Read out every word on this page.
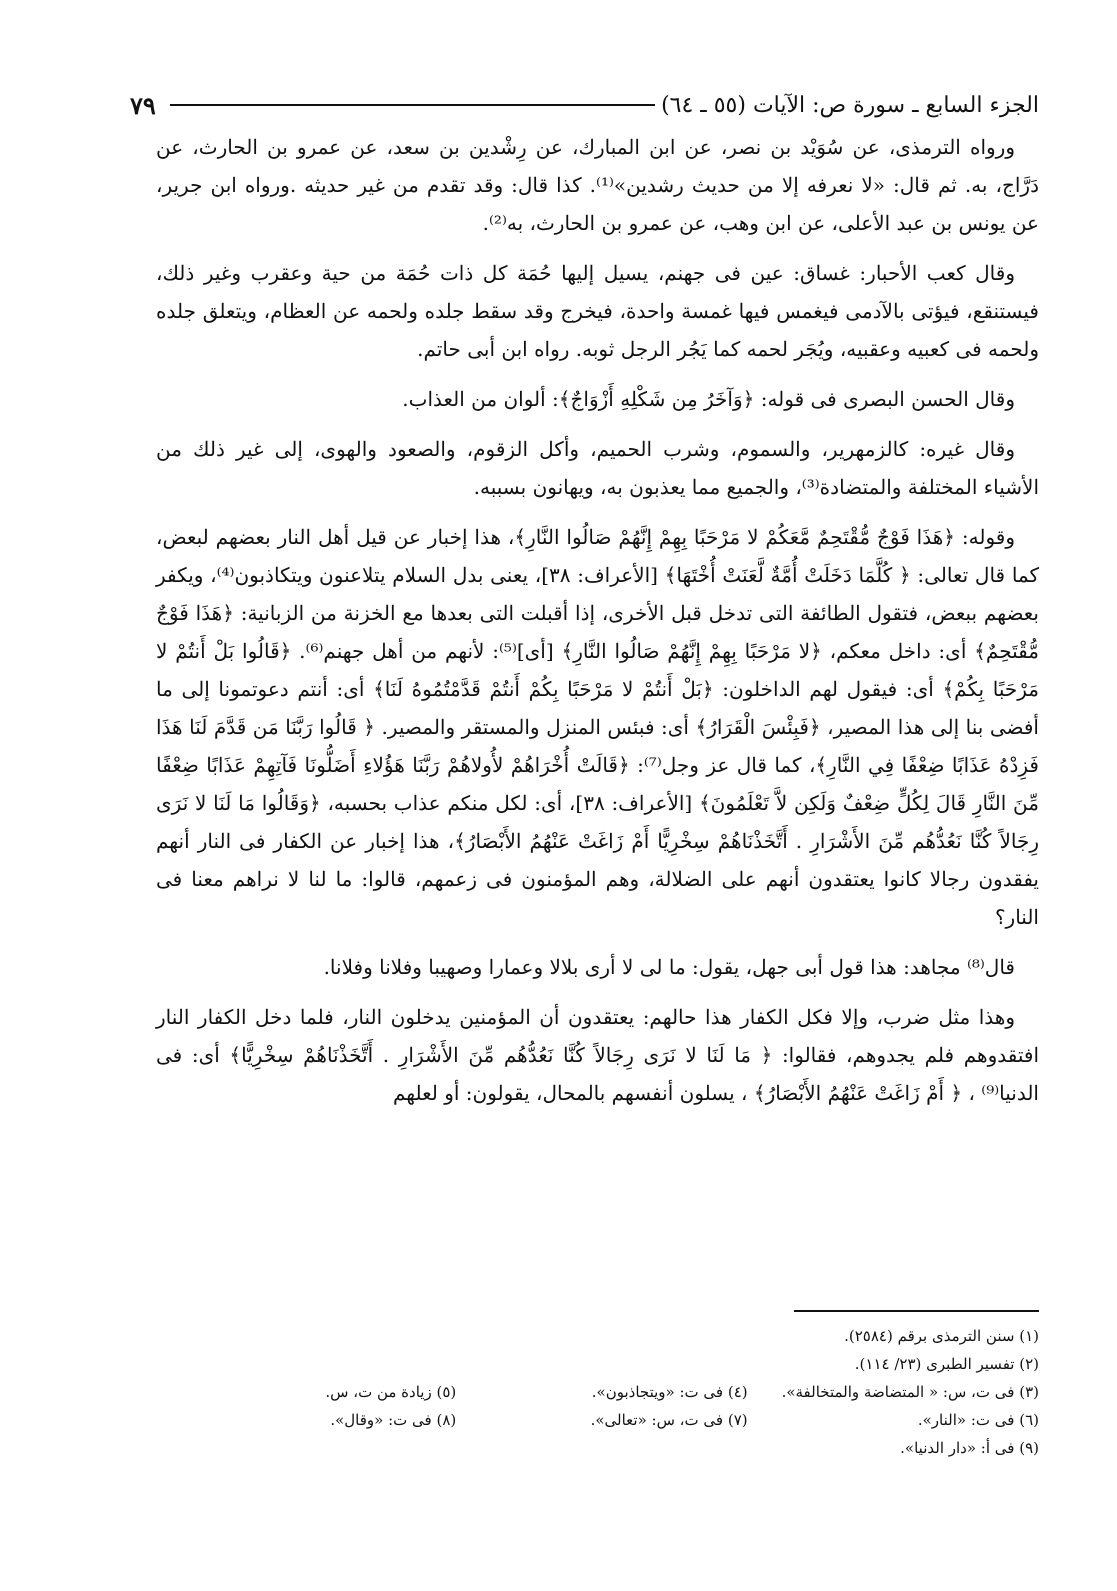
الجزء السابع ـ سورة ص: الآيات (٥٥ ـ ٦٤)
٧٩

ورواه الترمذى، عن سُوَيْد بن نصر، عن ابن المبارك، عن رِشْدين بن سعد، عن عمرو بن الحارث، عن دَرَّاج، به. ثم قال: «لا نعرفه إلا من حديث رشدين»⁽¹⁾. كذا قال: وقد تقدم من غير حديثه .ورواه ابن جرير، عن يونس بن عبد الأعلى، عن ابن وهب، عن عمرو بن الحارث، به⁽²⁾.

وقال كعب الأحبار: غساق: عين فى جهنم، يسيل إليها حُمَة كل ذات حُمَة من حية وعقرب وغير ذلك، فيستنقع، فيؤتى بالآدمى فيغمس فيها غمسة واحدة، فيخرج وقد سقط جلده ولحمه عن العظام، ويتعلق جلده ولحمه فى كعبيه وعقبيه، ويُجَر لحمه كما يَجُر الرجل ثوبه. رواه ابن أبى حاتم.

وقال الحسن البصرى فى قوله: ﴿وَآخَرُ مِن شَكْلِهِ أَزْوَاجٌ﴾: ألوان من العذاب.

وقال غيره: كالزمهرير، والسموم، وشرب الحميم، وأكل الزقوم، والصعود والهوى، إلى غير ذلك من الأشياء المختلفة والمتضادة⁽³⁾، والجميع مما يعذبون به، ويهانون بسببه.

وقوله: ﴿هَذَا فَوْجٌ مُّقْتَحِمٌ مَّعَكُمْ لا مَرْحَبًا بِهِمْ إِنَّهُمْ صَالُوا النَّارِ﴾، هذا إخبار عن قيل أهل النار بعضهم لبعض، كما قال تعالى: ﴿ كُلَّمَا دَخَلَتْ أُمَّةٌ لَّعَنَتْ أُخْتَهَا﴾ [الأعراف: ٣٨]، يعنى بدل السلام يتلاعنون ويتكاذبون⁽⁴⁾، ويكفر بعضهم ببعض، فتقول الطائفة التى تدخل قبل الأخرى، إذا أقبلت التى بعدها مع الخزنة من الزبانية: ﴿هَذَا فَوْجٌ مُّقْتَحِمٌ﴾ أى: داخل معكم، ﴿لا مَرْحَبًا بِهِمْ إِنَّهُمْ صَالُوا النَّارِ﴾ [أى]⁽⁵⁾: لأنهم من أهل جهنم⁽⁶⁾. ﴿قَالُوا بَلْ أَنتُمْ لا مَرْحَبًا بِكُمْ﴾ أى: فيقول لهم الداخلون: ﴿بَلْ أَنتُمْ لا مَرْحَبًا بِكُمْ أَنتُمْ قَدَّمْتُمُوهُ لَنَا﴾ أى: أنتم دعوتمونا إلى ما أفضى بنا إلى هذا المصير، ﴿فَبِئْسَ الْقَرَارُ﴾ أى: فبئس المنزل والمستقر والمصير. ﴿ قَالُوا رَبَّنَا مَن قَدَّمَ لَنَا هَذَا فَزِدْهُ عَذَابًا ضِعْفًا فِي النَّارِ﴾، كما قال عز وجل⁽⁷⁾: ﴿قَالَتْ أُخْرَاهُمْ لأُولاهُمْ رَبَّنَا هَؤُلاءِ أَضَلُّونَا فَآتِهِمْ عَذَابًا ضِعْفًا مِّنَ النَّارِ قَالَ لِكُلٍّ ضِعْفٌ وَلَكِن لاَّ تَعْلَمُونَ﴾ [الأعراف: ٣٨]، أى: لكل منكم عذاب بحسبه، ﴿وَقَالُوا مَا لَنَا لا نَرَى رِجَالاً كُنَّا نَعُدُّهُم مِّنَ الأَشْرَارِ . أَتَّخَذْنَاهُمْ سِخْرِيًّا أَمْ زَاغَتْ عَنْهُمُ الأَبْصَارُ﴾، هذا إخبار عن الكفار فى النار أنهم يفقدون رجالا كانوا يعتقدون أنهم على الضلالة، وهم المؤمنون فى زعمهم، قالوا: ما لنا لا نراهم معنا فى النار؟

قال⁽⁸⁾ مجاهد: هذا قول أبى جهل، يقول: ما لى لا أرى بلالا وعمارا وصهيبا وفلانا وفلانا.

وهذا مثل ضرب، وإلا فكل الكفار هذا حالهم: يعتقدون أن المؤمنين يدخلون النار، فلما دخل الكفار النار افتقدوهم فلم يجدوهم، فقالوا: ﴿ مَا لَنَا لا نَرَى رِجَالاً كُنَّا نَعُدُّهُم مِّنَ الأَشْرَارِ . أَتَّخَذْنَاهُمْ سِخْرِيًّا﴾ أى: فى الدنيا⁽⁹⁾ ، ﴿ أَمْ زَاغَتْ عَنْهُمُ الأَبْصَارُ﴾ ، يسلون أنفسهم بالمحال، يقولون: أو لعلهم

(١) سنن الترمذى برقم (٢٥٨٤).
(٢) تفسير الطبرى (٢٣/ ١١٤).
(٣) فى ت، س: « المتضاضة والمتخالفة».
(٤) فى ت: «ويتجاذبون».
(٥) زيادة من ت، س.
(٦) فى ت: «النار».
(٧) فى ت، س: «تعالى».
(٨) فى ت: «وقال».
(٩) فى أ: «دار الدنيا».
